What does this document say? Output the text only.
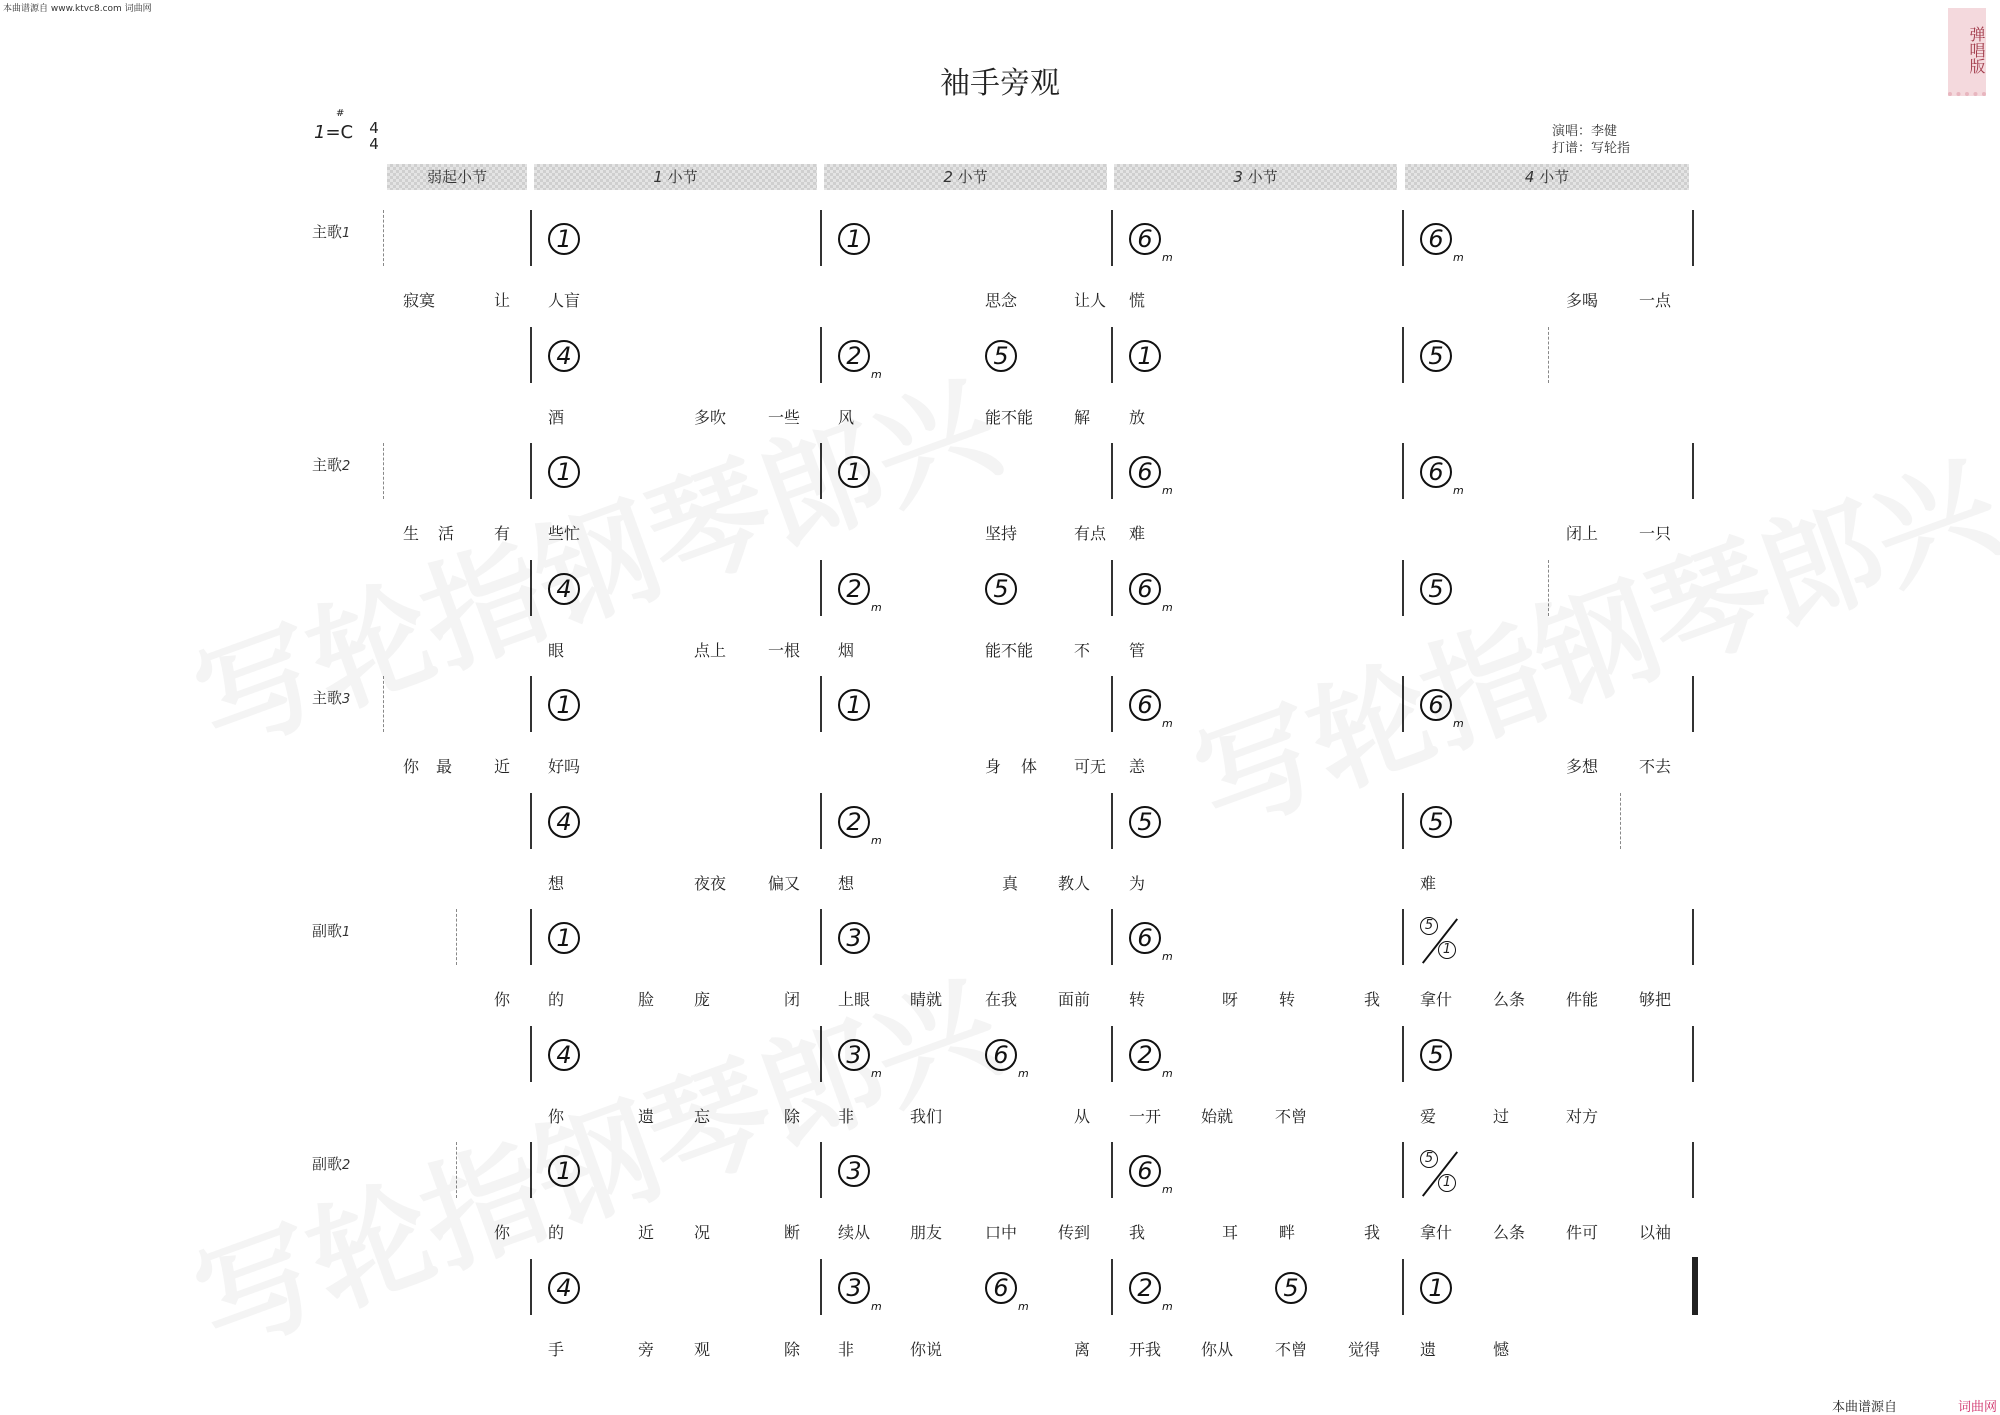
本曲谱源自 www.ktvc8.com 词曲网
袖手旁观
弹唱版
1
#
=C 4
4
演唱：李健
打谱：写轮指
弱起小节	1 小节	2 小节	3 小节	4 小节
主歌1
主歌2
主歌3
副歌1
副歌2
1	1	$6_m$
$6_m$
寂寞	让 人盲	思念	让人 慌	多喝	一点
4	$2_m$
5	1	5
酒	多吹	一些 风	能不能	解 放
1	1	$6_m$
$6_m$
生 活 有 些忙	坚持	有点 难	闭上	一只
4	$2_m$
5	$6_m$
5
眼	点上	一根 烟	能不能	不 管
1	1	$6_m$
$6_m$
你 最	近 好吗	身 体 可无 恙	多想	不去
4	$2_m$
5	5
想	夜夜	偏又 想	真 教人 为	难
1	3	$6_m$
5
1
你 的	脸 庞	闭 上眼 睛就	在我	面前 转	呀	转	我 拿什	么条	件能	够把
4	$3_m$
$6_m$
$2_m$
5
你	遗 忘	除 非	我们	从 一开 始就	不曾	爱	过	对方
1	3	$6_m$
5
1
你 的	近 况	断 续从 朋友	口中	传到 我	耳	畔	我 拿什	么条	件可	以袖
4	$3_m$
$6_m$
$2_m$
5	1
手	旁 观	除 非	你说	离 开我 你从	不曾	觉得 遗	憾
本曲谱源自	词曲网
